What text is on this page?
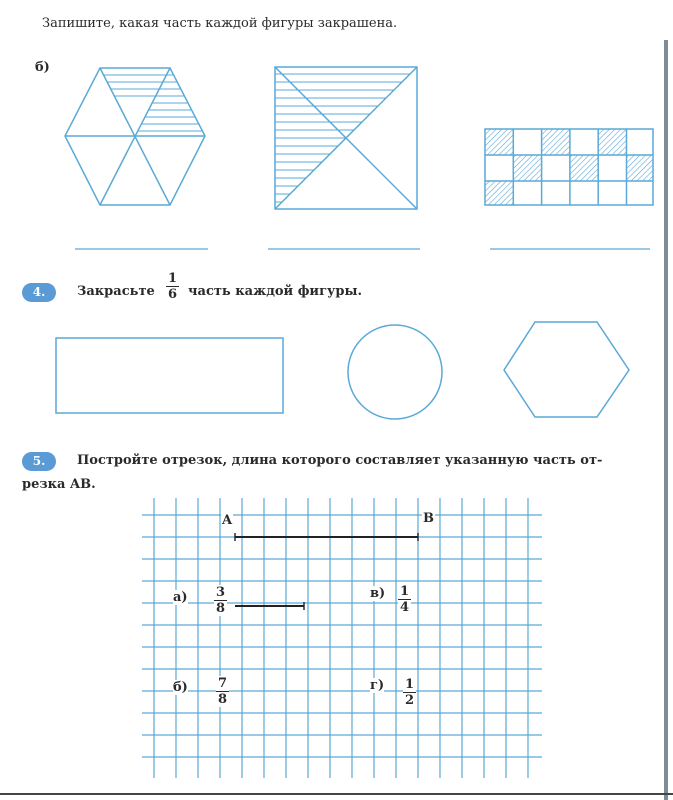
Запишите, какая часть каждой фигуры закрашена.
б)
4.	Закрасьте $\frac{1}{6}$ часть каждой фигуры.
5.	Постройте отрезок, длина которого составляет указанную часть от-
резка AB.
A	B
$а) \frac{3}{8}$	$в) \frac{1}{4}$
$б) \frac{7}{8}$	$г) \frac{1}{2}$
